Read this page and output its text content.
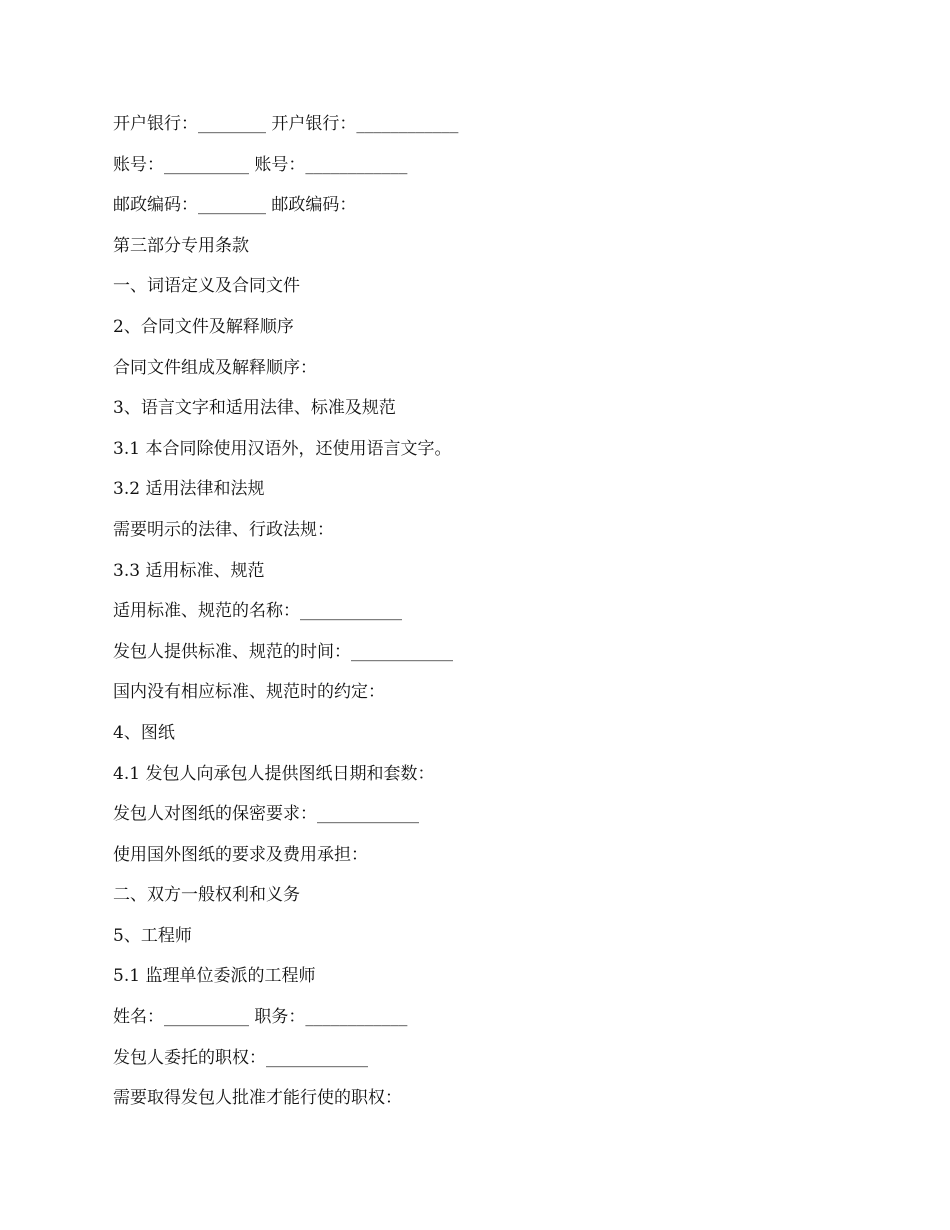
开户银行：________ 开户银行：____________
账号：__________ 账号：____________
邮政编码：________ 邮政编码：
第三部分专用条款
一、词语定义及合同文件
2、合同文件及解释顺序
合同文件组成及解释顺序：
3、语言文字和适用法律、标准及规范
3.1 本合同除使用汉语外，还使用语言文字。
3.2 适用法律和法规
需要明示的法律、行政法规：
3.3 适用标准、规范
适用标准、规范的名称：____________
发包人提供标准、规范的时间：____________
国内没有相应标准、规范时的约定：
4、图纸
4.1 发包人向承包人提供图纸日期和套数：
发包人对图纸的保密要求：____________
使用国外图纸的要求及费用承担：
二、双方一般权利和义务
5、工程师
5.1 监理单位委派的工程师
姓名：__________ 职务：____________
发包人委托的职权：____________
需要取得发包人批准才能行使的职权：
